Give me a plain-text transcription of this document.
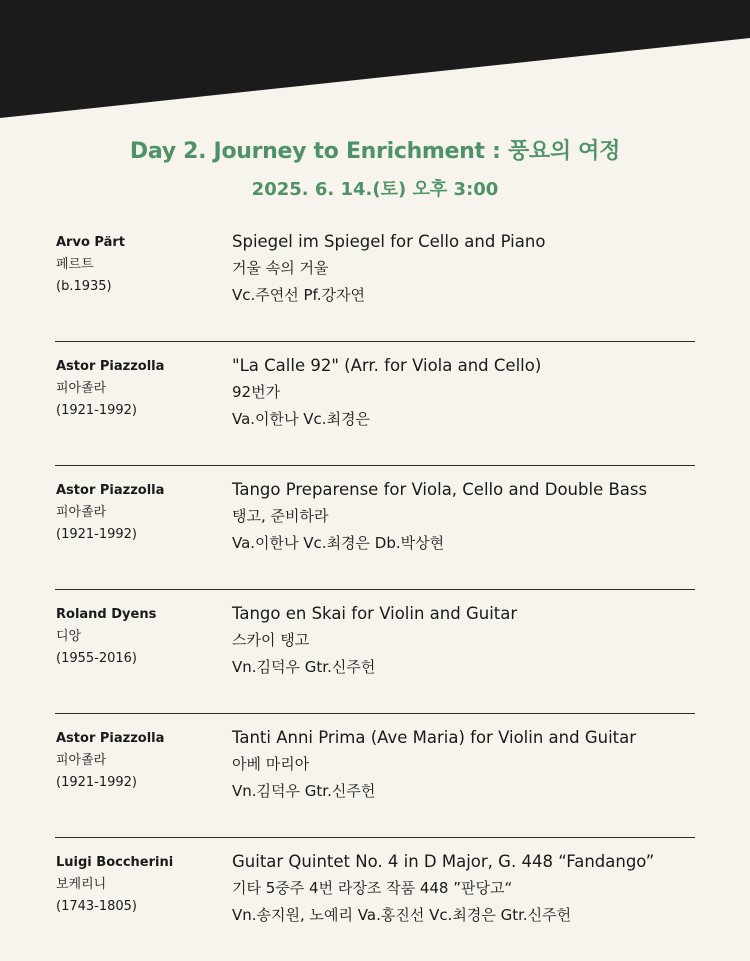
Day 2. Journey to Enrichment : 풍요의 여정
2025. 6. 14.(토) 오후 3:00
Arvo Pärt
페르트
(b.1935)
Spiegel im Spiegel for Cello and Piano
거울 속의 거울
Vc.주연선 Pf.강자연
Astor Piazzolla
피아졸라
(1921-1992)
"La Calle 92" (Arr. for Viola and Cello)
92번가
Va.이한나 Vc.최경은
Astor Piazzolla
피아졸라
(1921-1992)
Tango Preparense for Viola, Cello and Double Bass
탱고, 준비하라
Va.이한나 Vc.최경은 Db.박상현
Roland Dyens
디앙
(1955-2016)
Tango en Skai for Violin and Guitar
스카이 탱고
Vn.김덕우 Gtr.신주헌
Astor Piazzolla
피아졸라
(1921-1992)
Tanti Anni Prima (Ave Maria) for Violin and Guitar
아베 마리아
Vn.김덕우 Gtr.신주헌
Luigi Boccherini
보케리니
(1743-1805)
Guitar Quintet No. 4 in D Major, G. 448 “Fandango”
기타 5중주 4번 라장조 작품 448 ”판당고“
Vn.송지원, 노예리 Va.홍진선 Vc.최경은 Gtr.신주헌
